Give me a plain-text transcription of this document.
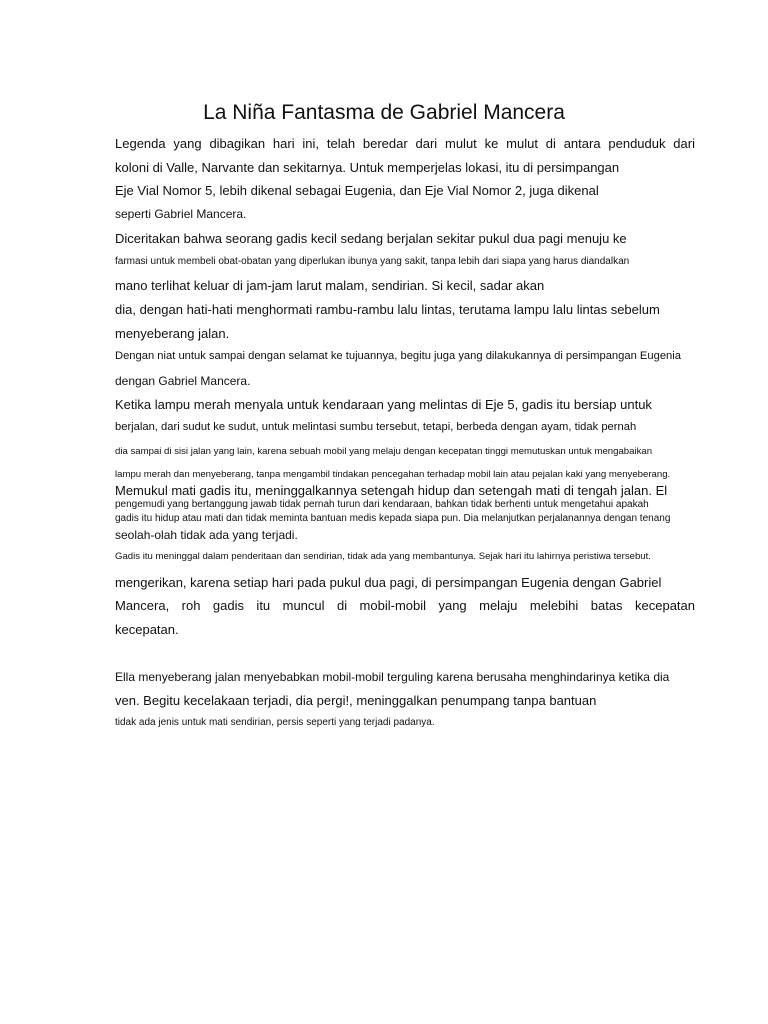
La Niña Fantasma de Gabriel Mancera
Legenda yang dibagikan hari ini, telah beredar dari mulut ke mulut di antara penduduk dari
koloni di Valle, Narvante dan sekitarnya. Untuk memperjelas lokasi, itu di persimpangan
Eje Vial Nomor 5, lebih dikenal sebagai Eugenia, dan Eje Vial Nomor 2, juga dikenal
seperti Gabriel Mancera.
Diceritakan bahwa seorang gadis kecil sedang berjalan sekitar pukul dua pagi menuju ke
farmasi untuk membeli obat-obatan yang diperlukan ibunya yang sakit, tanpa lebih dari siapa yang harus diandalkan
mano terlihat keluar di jam-jam larut malam, sendirian. Si kecil, sadar akan
dia, dengan hati-hati menghormati rambu-rambu lalu lintas, terutama lampu lalu lintas sebelum
menyeberang jalan.
Dengan niat untuk sampai dengan selamat ke tujuannya, begitu juga yang dilakukannya di persimpangan Eugenia
dengan Gabriel Mancera.
Ketika lampu merah menyala untuk kendaraan yang melintas di Eje 5, gadis itu bersiap untuk
berjalan, dari sudut ke sudut, untuk melintasi sumbu tersebut, tetapi, berbeda dengan ayam, tidak pernah
dia sampai di sisi jalan yang lain, karena sebuah mobil yang melaju dengan kecepatan tinggi memutuskan untuk mengabaikan
lampu merah dan menyeberang, tanpa mengambil tindakan pencegahan terhadap mobil lain atau pejalan kaki yang menyeberang.
Memukul mati gadis itu, meninggalkannya setengah hidup dan setengah mati di tengah jalan. El
pengemudi yang bertanggung jawab tidak pernah turun dari kendaraan, bahkan tidak berhenti untuk mengetahui apakah
gadis itu hidup atau mati dan tidak meminta bantuan medis kepada siapa pun. Dia melanjutkan perjalanannya dengan tenang
seolah-olah tidak ada yang terjadi.
Gadis itu meninggal dalam penderitaan dan sendirian, tidak ada yang membantunya. Sejak hari itu lahirnya peristiwa tersebut.
mengerikan, karena setiap hari pada pukul dua pagi, di persimpangan Eugenia dengan Gabriel
Mancera, roh gadis itu muncul di mobil-mobil yang melaju melebihi batas kecepatan
kecepatan.
Ella menyeberang jalan menyebabkan mobil-mobil terguling karena berusaha menghindarinya ketika dia
ven. Begitu kecelakaan terjadi, dia pergi!, meninggalkan penumpang tanpa bantuan
tidak ada jenis untuk mati sendirian, persis seperti yang terjadi padanya.
